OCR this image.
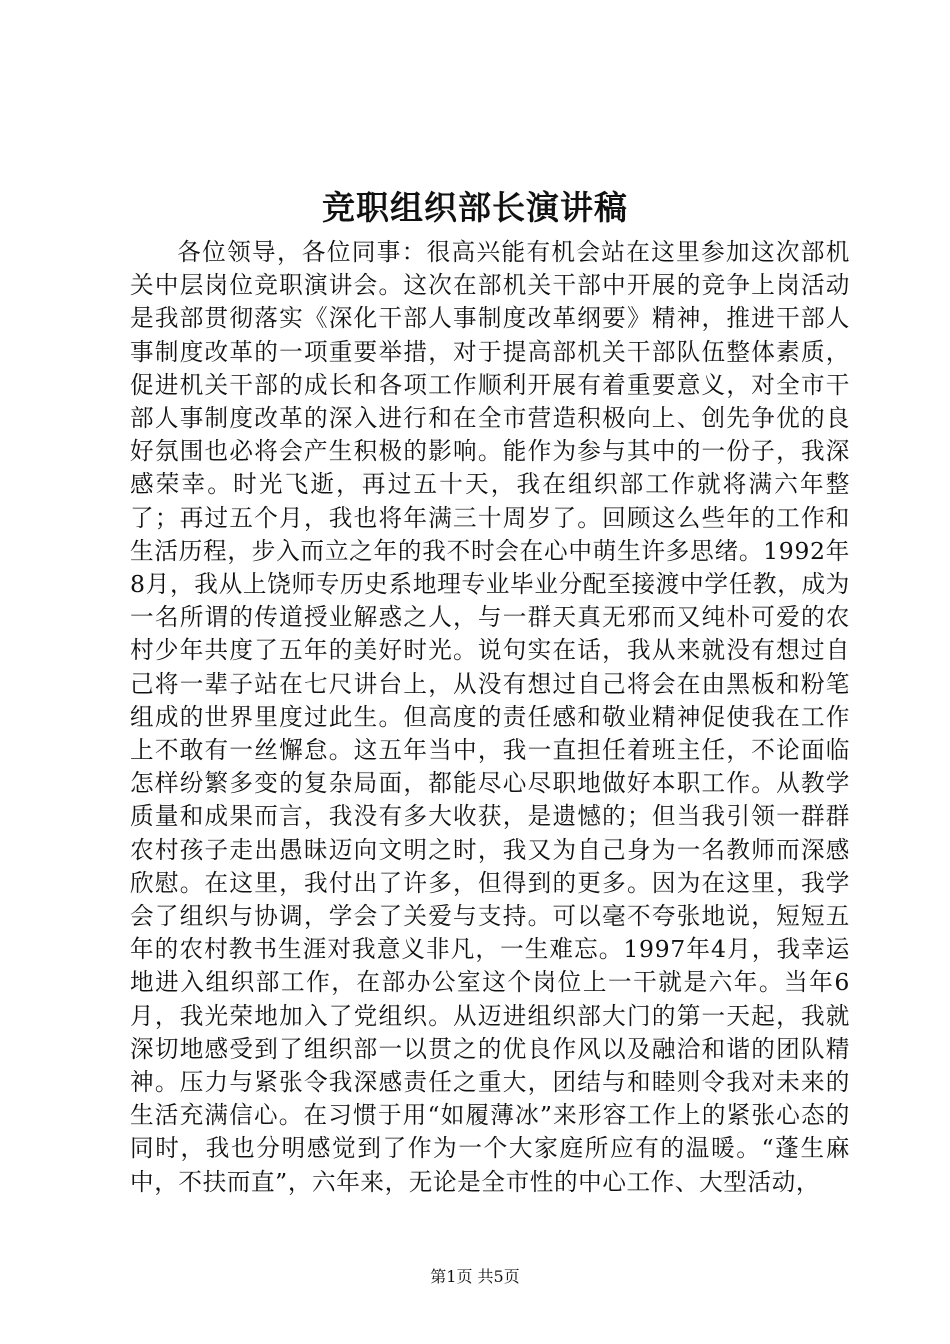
竞职组织部长演讲稿

各位领导，各位同事：很高兴能有机会站在这里参加这次部机关中层岗位竞职演讲会。这次在部机关干部中开展的竞争上岗活动是我部贯彻落实《深化干部人事制度改革纲要》精神，推进干部人事制度改革的一项重要举措，对于提高部机关干部队伍整体素质，促进机关干部的成长和各项工作顺利开展有着重要意义，对全市干部人事制度改革的深入进行和在全市营造积极向上、创先争优的良好氛围也必将会产生积极的影响。能作为参与其中的一份子，我深感荣幸。时光飞逝，再过五十天，我在组织部工作就将满六年整了；再过五个月，我也将年满三十周岁了。回顾这么些年的工作和生活历程，步入而立之年的我不时会在心中萌生许多思绪。1992年8月，我从上饶师专历史系地理专业毕业分配至接渡中学任教，成为一名所谓的传道授业解惑之人，与一群天真无邪而又纯朴可爱的农村少年共度了五年的美好时光。说句实在话，我从来就没有想过自己将一辈子站在七尺讲台上，从没有想过自己将会在由黑板和粉笔组成的世界里度过此生。但高度的责任感和敬业精神促使我在工作上不敢有一丝懈怠。这五年当中，我一直担任着班主任，不论面临怎样纷繁多变的复杂局面，都能尽心尽职地做好本职工作。从教学质量和成果而言，我没有多大收获，是遗憾的；但当我引领一群群农村孩子走出愚昧迈向文明之时，我又为自己身为一名教师而深感欣慰。在这里，我付出了许多，但得到的更多。因为在这里，我学会了组织与协调，学会了关爱与支持。可以毫不夸张地说，短短五年的农村教书生涯对我意义非凡，一生难忘。1997年4月，我幸运地进入组织部工作，在部办公室这个岗位上一干就是六年。当年6月，我光荣地加入了党组织。从迈进组织部大门的第一天起，我就深切地感受到了组织部一以贯之的优良作风以及融洽和谐的团队精神。压力与紧张令我深感责任之重大，团结与和睦则令我对未来的生活充满信心。在习惯于用“如履薄冰”来形容工作上的紧张心态的同时，我也分明感觉到了作为一个大家庭所应有的温暖。“蓬生麻中，不扶而直”，六年来，无论是全市性的中心工作、大型活动，

第1页 共5页
